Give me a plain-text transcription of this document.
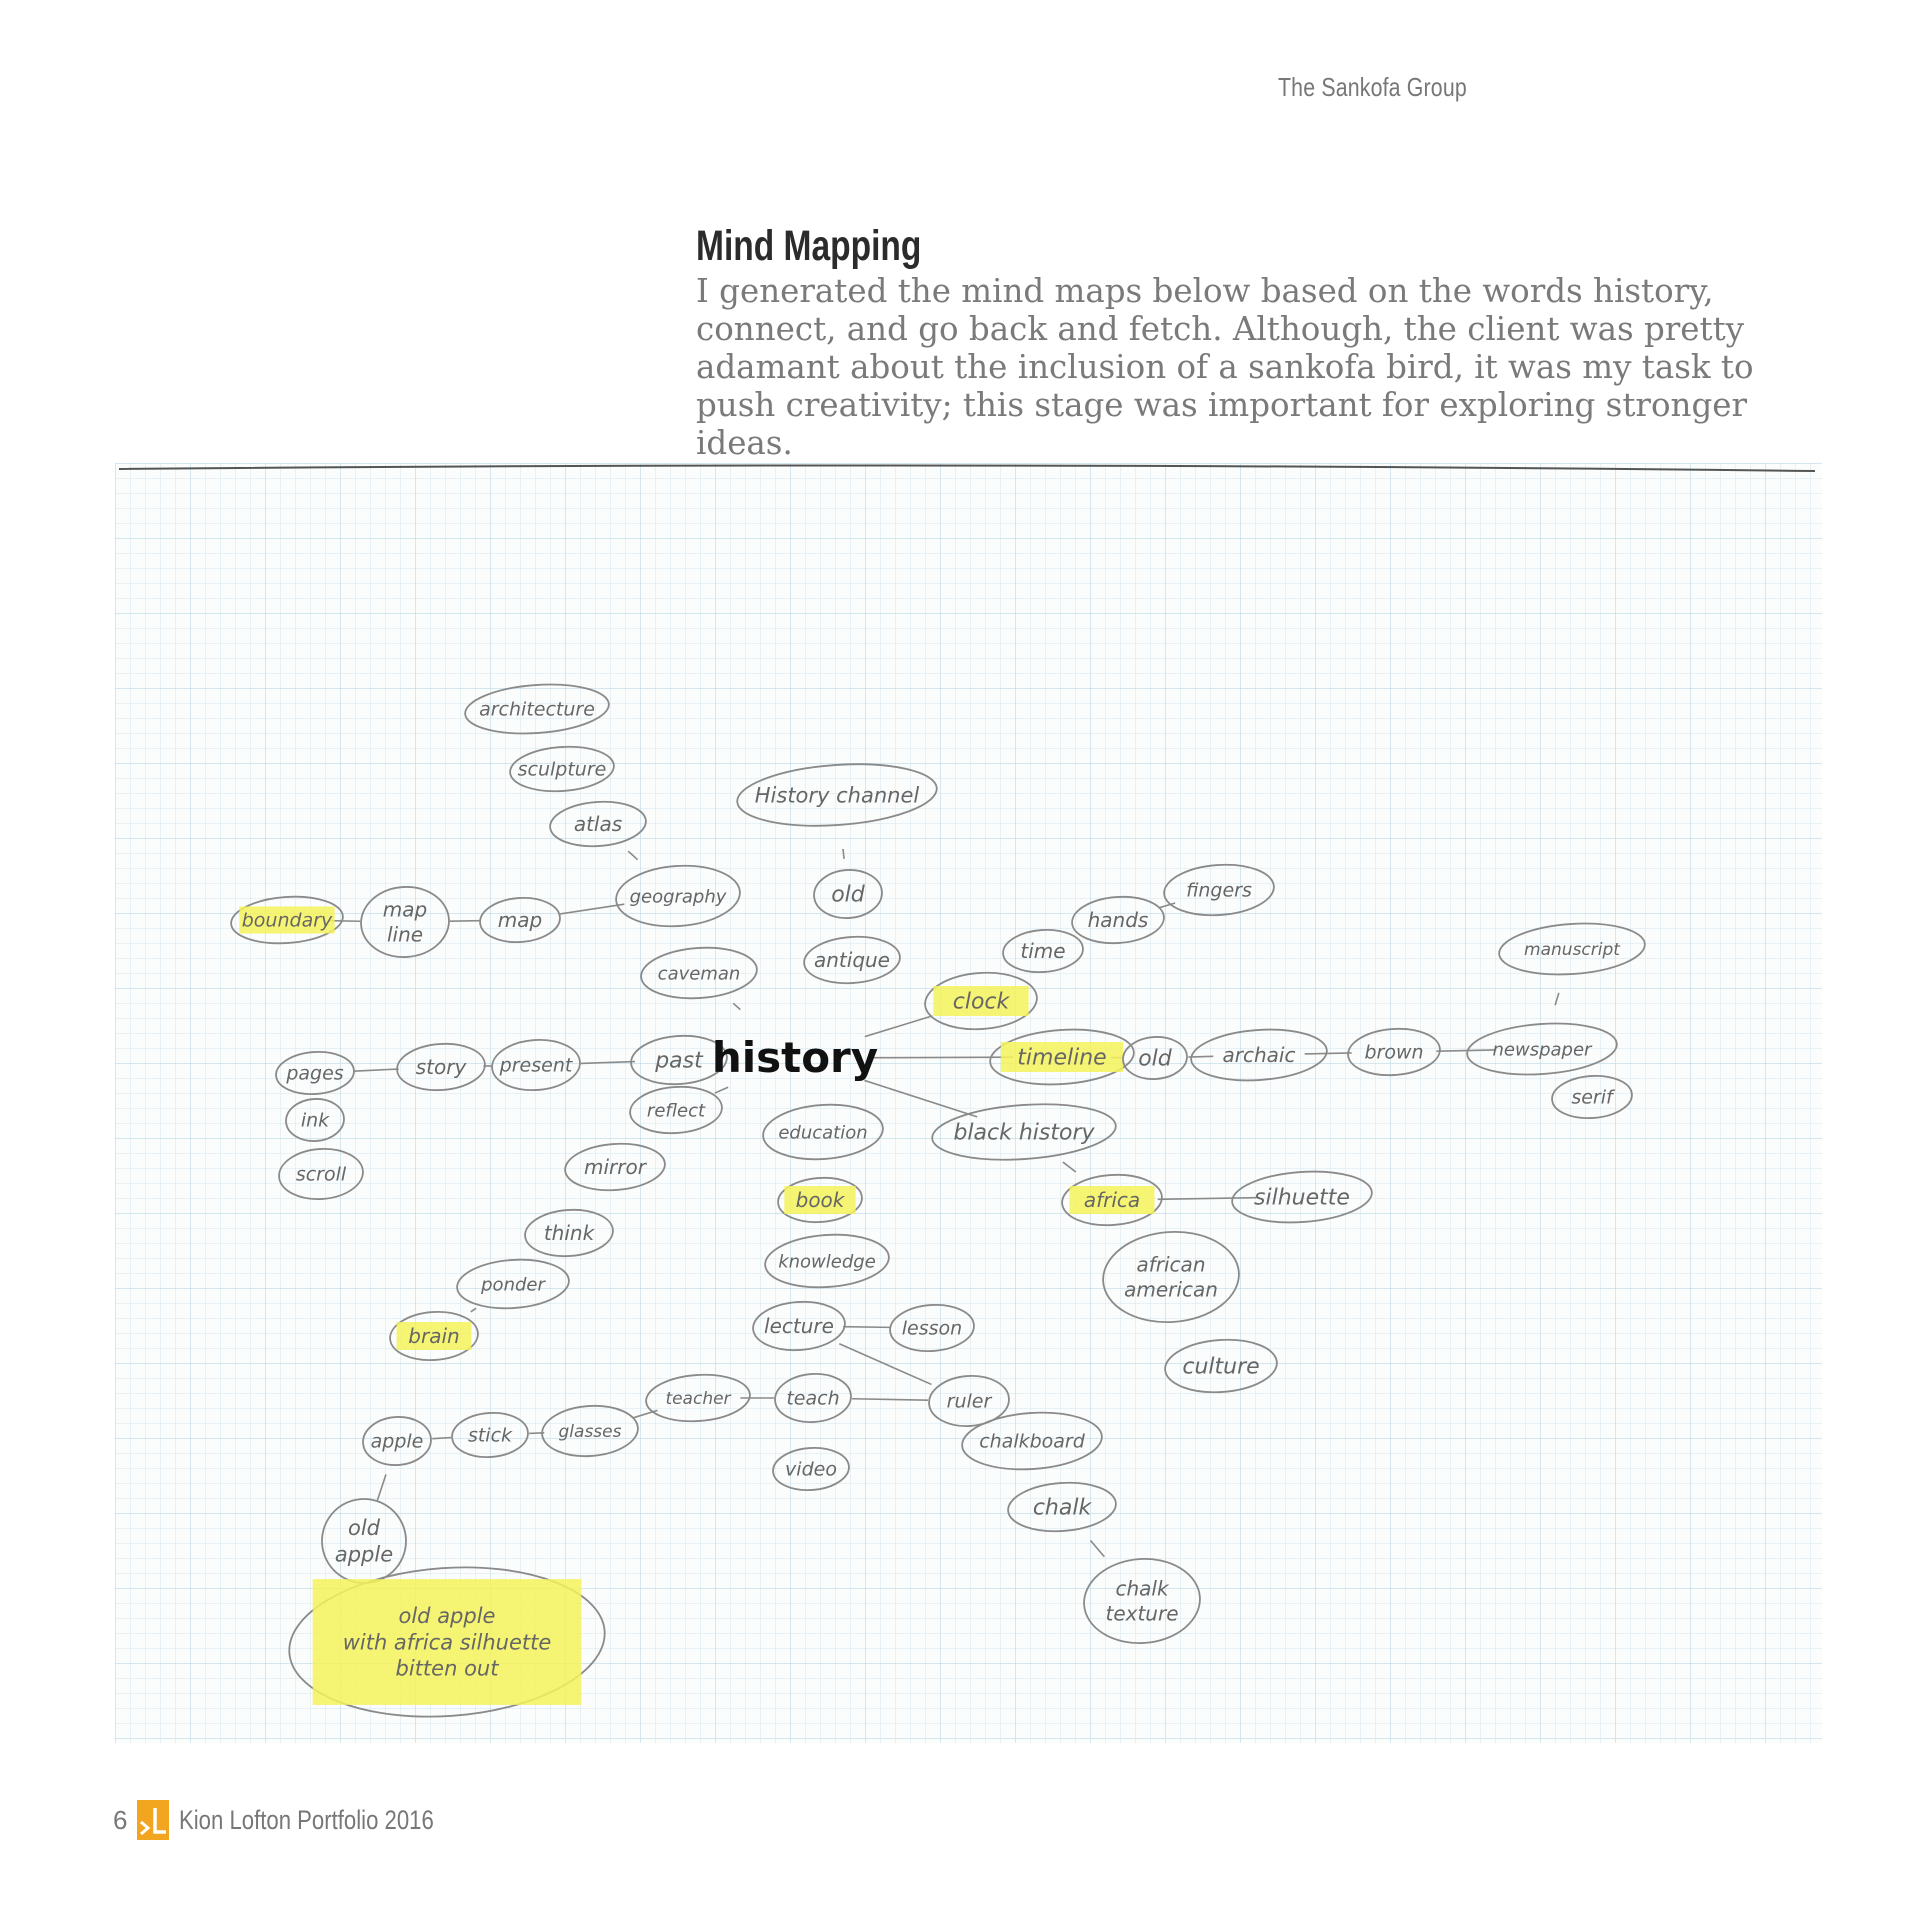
The Sankofa Group
Mind Mapping
I generated the mind maps below based on the words history, connect, and go back and fetch. Although, the client was pretty adamant about the inclusion of a sankofa bird, it was my task to push creativity; this stage was important for exploring stronger ideas.
architecture
sculpture
atlas
History channel
old
antique
boundary	map line
map
geography
caveman
fingers
hands
time
clock
manuscript
pages	story present	past	timeline old	archaic	brown	newspaper
serif
ink	reflect
education	black history
scroll	mirror
book	africa	silhuette
think
knowledge	african american
ponder
lecture	lesson
brain
culture
teacher	teach	ruler
apple stick	glasses	chalkboard
video
chalk
old apple
chalk texture
old apple with africa silhuette bitten out
history
6 Kion Lofton Portfolio 2016
